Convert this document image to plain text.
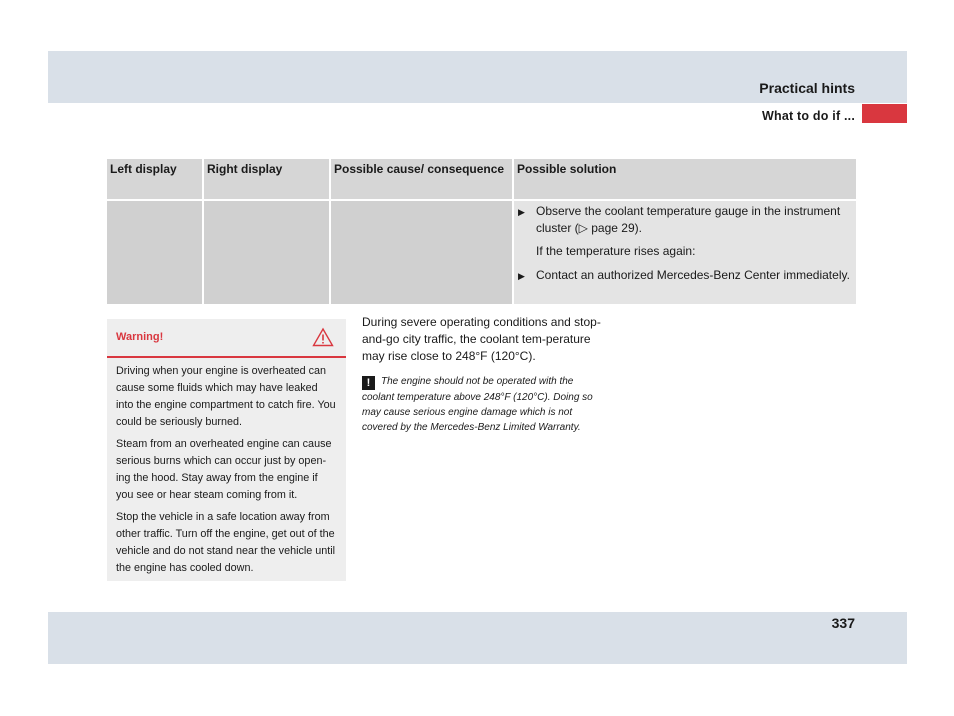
Practical hints
What to do if ...
Left display	Right display	Possible cause/ consequence	Possible solution

			▶ Observe the coolant temperature gauge in the instrument cluster (▷ page 29).
If the temperature rises again:
▶ Contact an authorized Mercedes-Benz Center immediately.
Warning!

Driving when your engine is overheated can cause some fluids which may have leaked into the engine compartment to catch fire. You could be seriously burned.

Steam from an overheated engine can cause serious burns which can occur just by open-ing the hood. Stay away from the engine if you see or hear steam coming from it.

Stop the vehicle in a safe location away from other traffic. Turn off the engine, get out of the vehicle and do not stand near the vehicle until the engine has cooled down.

During severe operating conditions and stop-and-go city traffic, the coolant tem-perature may rise close to 248°F (120°C).

! The engine should not be operated with the coolant temperature above 248°F (120°C). Doing so may cause serious engine damage which is not covered by the Mercedes-Benz Limited Warranty.
337
